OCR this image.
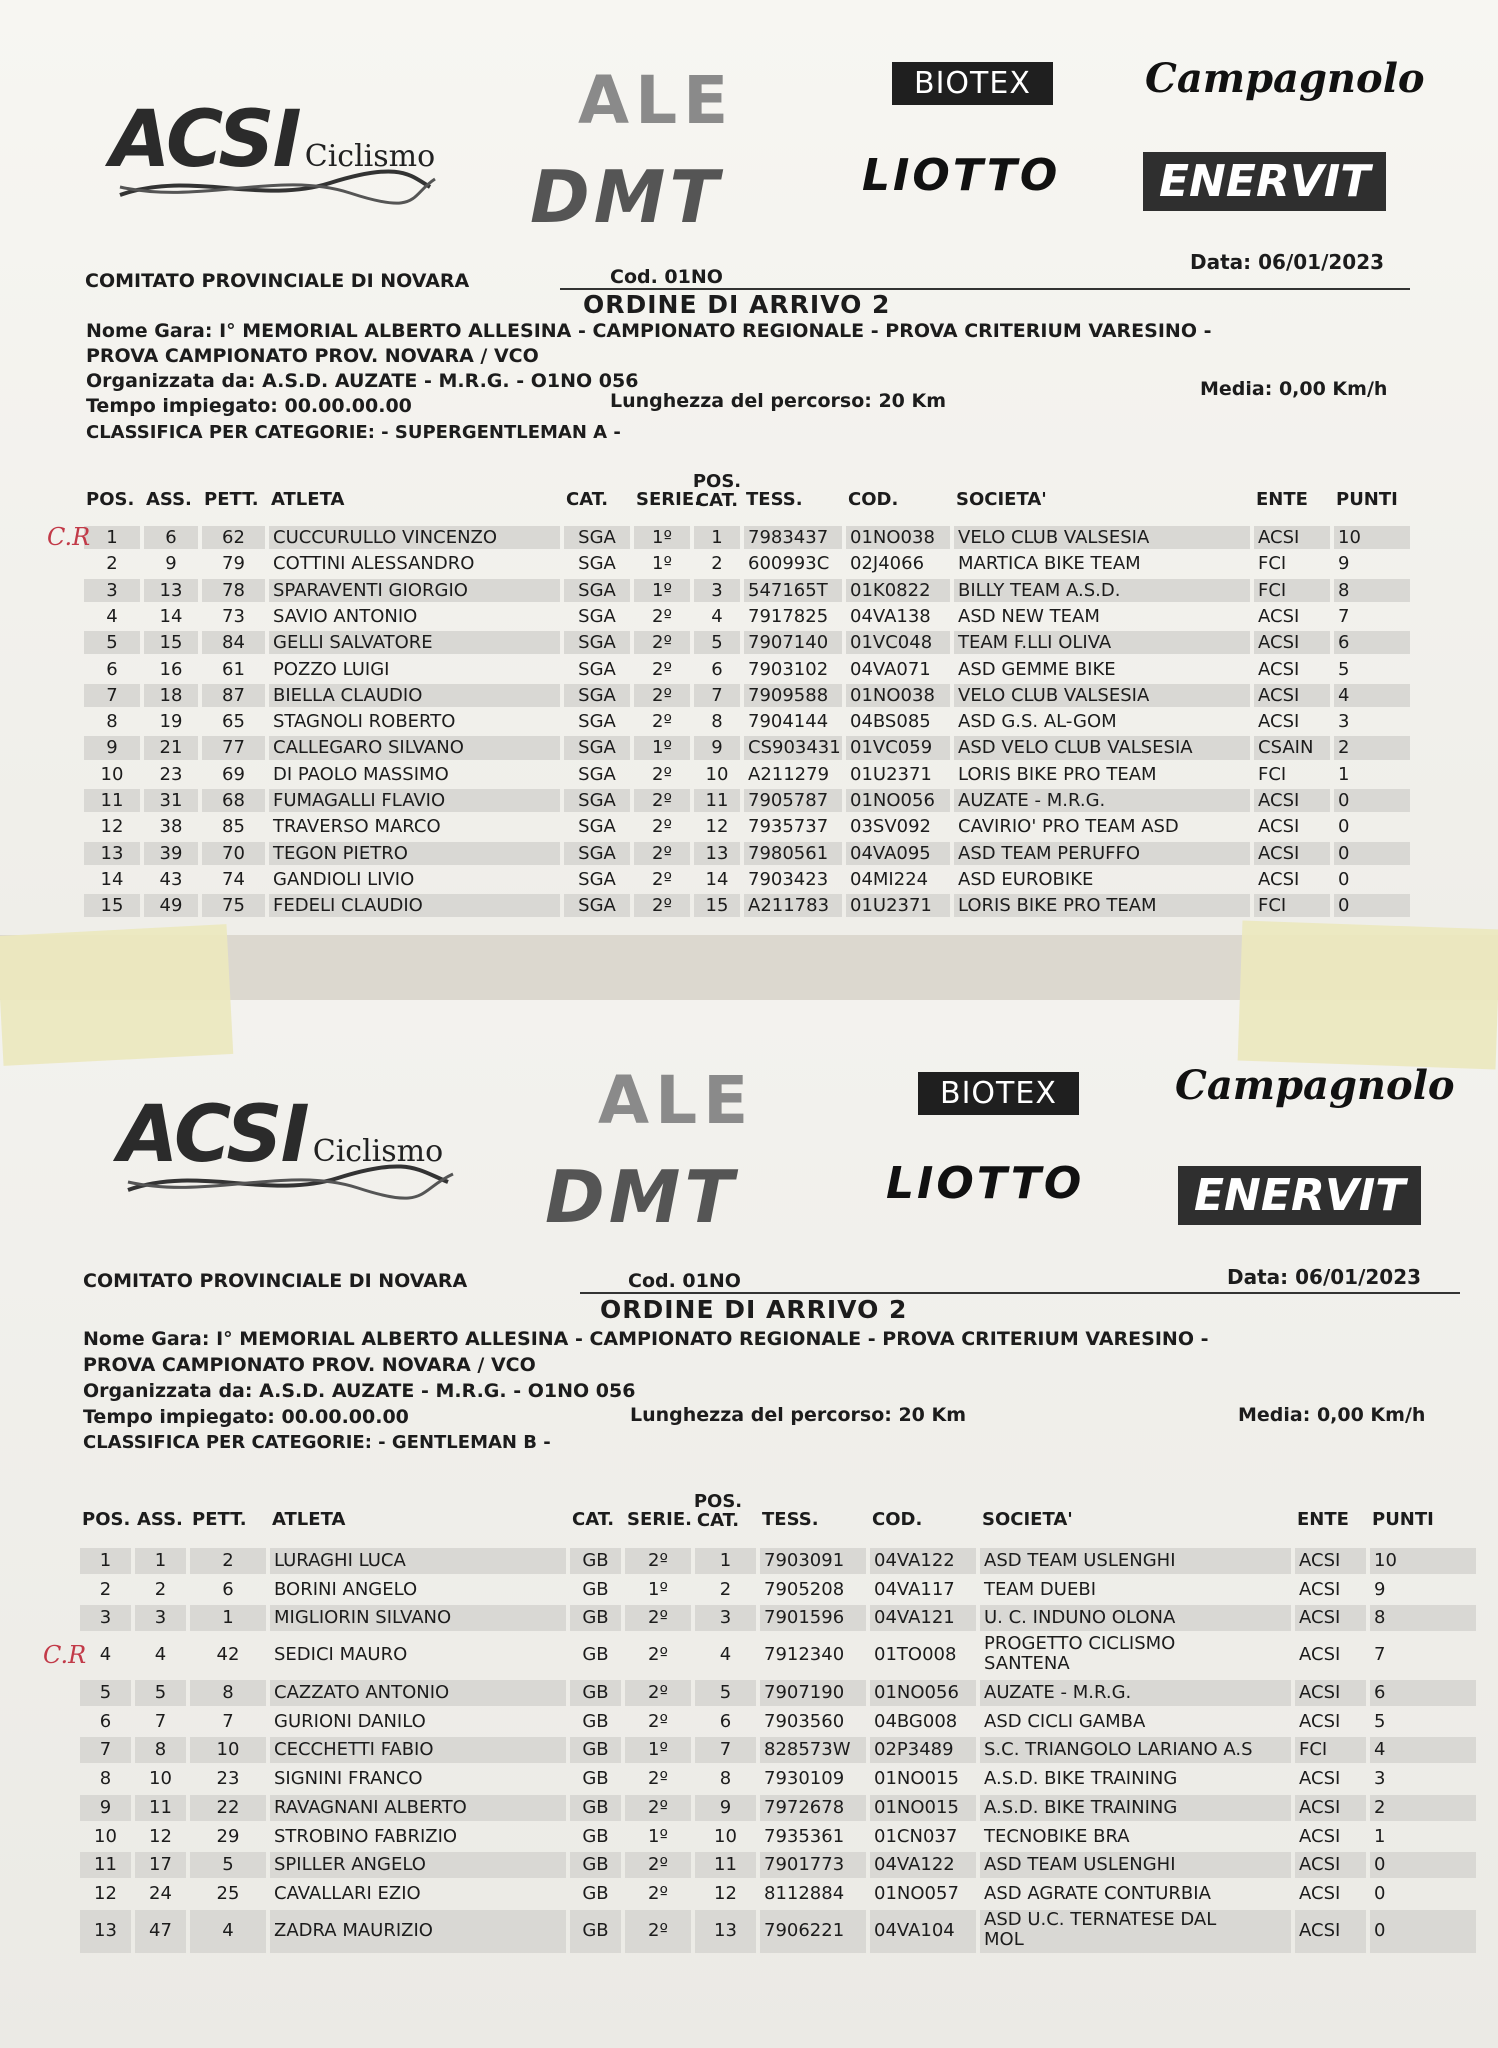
ACSI Ciclismo
ALE
DMT
BIOTEX	Campagnolo
LIOTTO	ENERVIT
COMITATO PROVINCIALE DI NOVARA	Cod. 01NO
Data: 06/01/2023
ORDINE DI ARRIVO 2
Nome Gara: I° MEMORIAL ALBERTO ALLESINA - CAMPIONATO REGIONALE - PROVA CRITERIUM VARESINO -
PROVA CAMPIONATO PROV. NOVARA / VCO
Organizzata da: A.S.D. AUZATE - M.R.G. - O1NO 056
Tempo impiegato: 00.00.00.00	Lunghezza del percorso: 20 Km
Media: 0,00 Km/h
CLASSIFICA PER CATEGORIE: - SUPERGENTLEMAN A -
POS. ASS. PETT. ATLETA	CAT. SERIE.
POS. CAT. TESS.	COD.	SOCIETA'	ENTE PUNTI
1	6	62	CUCCURULLO VINCENZO	SGA	1º	1	7983437	01NO038	VELO CLUB VALSESIA	ACSI	10
C.R
2	9	79	COTTINI ALESSANDRO	SGA	1º	2	600993C	02J4066	MARTICA BIKE TEAM	FCI	9
3	13	78	SPARAVENTI GIORGIO	SGA	1º	3	547165T	01K0822	BILLY TEAM A.S.D.	FCI	8
4	14	73	SAVIO ANTONIO	SGA	2º	4	7917825	04VA138	ASD NEW TEAM	ACSI	7
5	15	84	GELLI SALVATORE	SGA	2º	5	7907140	01VC048	TEAM F.LLI OLIVA	ACSI	6
6	16	61	POZZO LUIGI	SGA	2º	6	7903102	04VA071	ASD GEMME BIKE	ACSI	5
7	18	87	BIELLA CLAUDIO	SGA	2º	7	7909588	01NO038	VELO CLUB VALSESIA	ACSI	4
8	19	65	STAGNOLI ROBERTO	SGA	2º	8	7904144	04BS085	ASD G.S. AL-GOM	ACSI	3
9	21	77	CALLEGARO SILVANO	SGA	1º	9	CS903431 01VC059	ASD VELO CLUB VALSESIA	CSAIN	2
10	23	69	DI PAOLO MASSIMO	SGA	2º	10	A211279	01U2371	LORIS BIKE PRO TEAM	FCI	1
11	31	68	FUMAGALLI FLAVIO	SGA	2º	11	7905787	01NO056	AUZATE - M.R.G.	ACSI	0
12	38	85	TRAVERSO MARCO	SGA	2º	12	7935737	03SV092	CAVIRIO' PRO TEAM ASD	ACSI	0
13	39	70	TEGON PIETRO	SGA	2º	13	7980561	04VA095	ASD TEAM PERUFFO	ACSI	0
14	43	74	GANDIOLI LIVIO	SGA	2º	14	7903423	04MI224	ASD EUROBIKE	ACSI	0
15	49	75	FEDELI CLAUDIO	SGA	2º	15	A211783	01U2371	LORIS BIKE PRO TEAM	FCI	0
ACSI Ciclismo
ALE
DMT
BIOTEX	Campagnolo
LIOTTO	ENERVIT
COMITATO PROVINCIALE DI NOVARA	Cod. 01NO	Data: 06/01/2023
ORDINE DI ARRIVO 2
Nome Gara: I° MEMORIAL ALBERTO ALLESINA - CAMPIONATO REGIONALE - PROVA CRITERIUM VARESINO -
PROVA CAMPIONATO PROV. NOVARA / VCO
Organizzata da: A.S.D. AUZATE - M.R.G. - O1NO 056
Tempo impiegato: 00.00.00.00	Lunghezza del percorso: 20 Km	Media: 0,00 Km/h
CLASSIFICA PER CATEGORIE: - GENTLEMAN B -
POS. ASS. PETT. ATLETA	CAT. SERIE.
POS. CAT. TESS.	COD.	SOCIETA'	ENTE PUNTI
1	1	2	LURAGHI LUCA	GB	2º	1	7903091	04VA122	ASD TEAM USLENGHI	ACSI	10
2	2	6	BORINI ANGELO	GB	1º	2	7905208	04VA117	TEAM DUEBI	ACSI	9
3	3	1	MIGLIORIN SILVANO	GB	2º	3	7901596	04VA121	U. C. INDUNO OLONA	ACSI	8
4	4	42	SEDICI MAURO	GB	2º	4	7912340	01TO008
PROGETTO CICLISMO
SANTENA	ACSI	7
C.R
5	5	8	CAZZATO ANTONIO	GB	2º	5	7907190	01NO056	AUZATE - M.R.G.	ACSI	6
6	7	7	GURIONI DANILO	GB	2º	6	7903560	04BG008	ASD CICLI GAMBA	ACSI	5
7	8	10	CECCHETTI FABIO	GB	1º	7	828573W	02P3489	S.C. TRIANGOLO LARIANO A.S	FCI	4
8	10	23	SIGNINI FRANCO	GB	2º	8	7930109	01NO015	A.S.D. BIKE TRAINING	ACSI	3
9	11	22	RAVAGNANI ALBERTO	GB	2º	9	7972678	01NO015	A.S.D. BIKE TRAINING	ACSI	2
10	12	29	STROBINO FABRIZIO	GB	1º	10	7935361	01CN037	TECNOBIKE BRA	ACSI	1
11	17	5	SPILLER ANGELO	GB	2º	11	7901773	04VA122	ASD TEAM USLENGHI	ACSI	0
12	24	25	CAVALLARI EZIO	GB	2º	12	8112884	01NO057	ASD AGRATE CONTURBIA	ACSI	0
13	47	4	ZADRA MAURIZIO	GB	2º	13	7906221	04VA104
ASD U.C. TERNATESE DAL
MOL	ACSI	0
